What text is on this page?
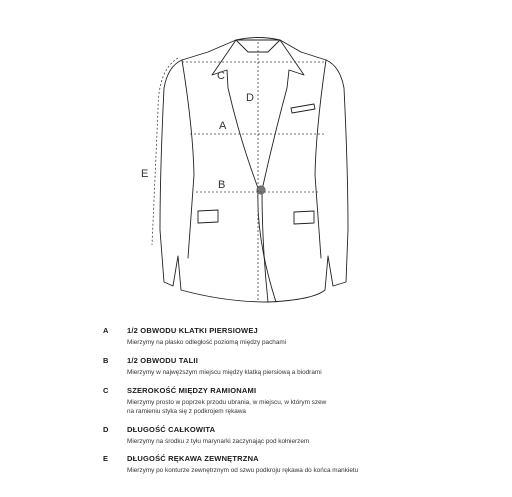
A
B
C
D
E
A 1/2 OBWODU KLATKI PIERSIOWEJ
Mierzymy na płasko odległość poziomą między pachami
B 1/2 OBWODU TALII
Mierzymy w najwęższym miejscu między klatką piersiową a biodrami
C SZEROKOŚĆ MIĘDZY RAMIONAMI
Mierzymy prosto w poprzek przodu ubrania, w miejscu, w którym szew
na ramieniu styka się z podkrojem rękawa
D DŁUGOŚĆ CAŁKOWITA
Mierzymy na środku z tyłu marynarki zaczynając pod kołnierzem
E	DŁUGOŚĆ RĘKAWA ZEWNĘTRZNA
Mierzymy po konturze zewnętrznym od szwu podkroju rękawa do końca mankietu
